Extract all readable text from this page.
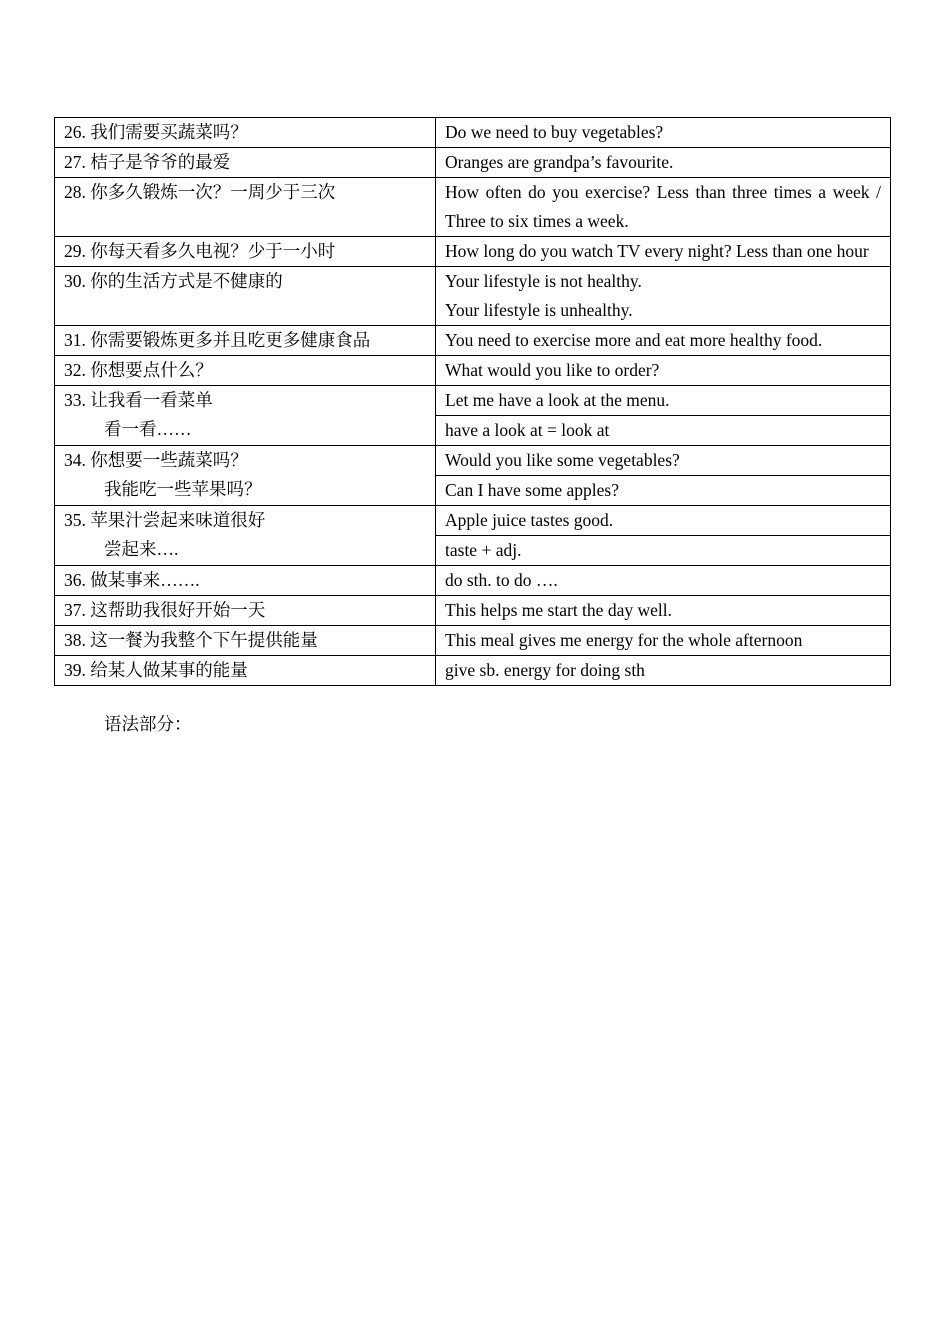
26. 我们需要买蔬菜吗？	Do we need to buy vegetables?

27. 桔子是爷爷的最爱	Oranges are grandpa’s favourite.

28. 你多久锻炼一次？一周少于三次	How often do you exercise? Less than three times a week / Three to six times a week.

29. 你每天看多久电视？少于一小时	How long do you watch TV every night? Less than one hour

30. 你的生活方式是不健康的	Your lifestyle is not healthy.
Your lifestyle is unhealthy.

31. 你需要锻炼更多并且吃更多健康食品	You need to exercise more and eat more healthy food.

32. 你想要点什么？	What would you like to order?

33. 让我看一看菜单
看一看……	Let me have a look at the menu.

	have a look at = look at

34. 你想要一些蔬菜吗？
我能吃一些苹果吗？	Would you like some vegetables?

	Can I have some apples?

35. 苹果汁尝起来味道很好
尝起来….	Apple juice tastes good.

	taste + adj.

36. 做某事来…….	do sth. to do ….

37. 这帮助我很好开始一天	This helps me start the day well.

38. 这一餐为我整个下午提供能量	This meal gives me energy for the whole afternoon

39. 给某人做某事的能量	give sb. energy for doing sth
语法部分：
